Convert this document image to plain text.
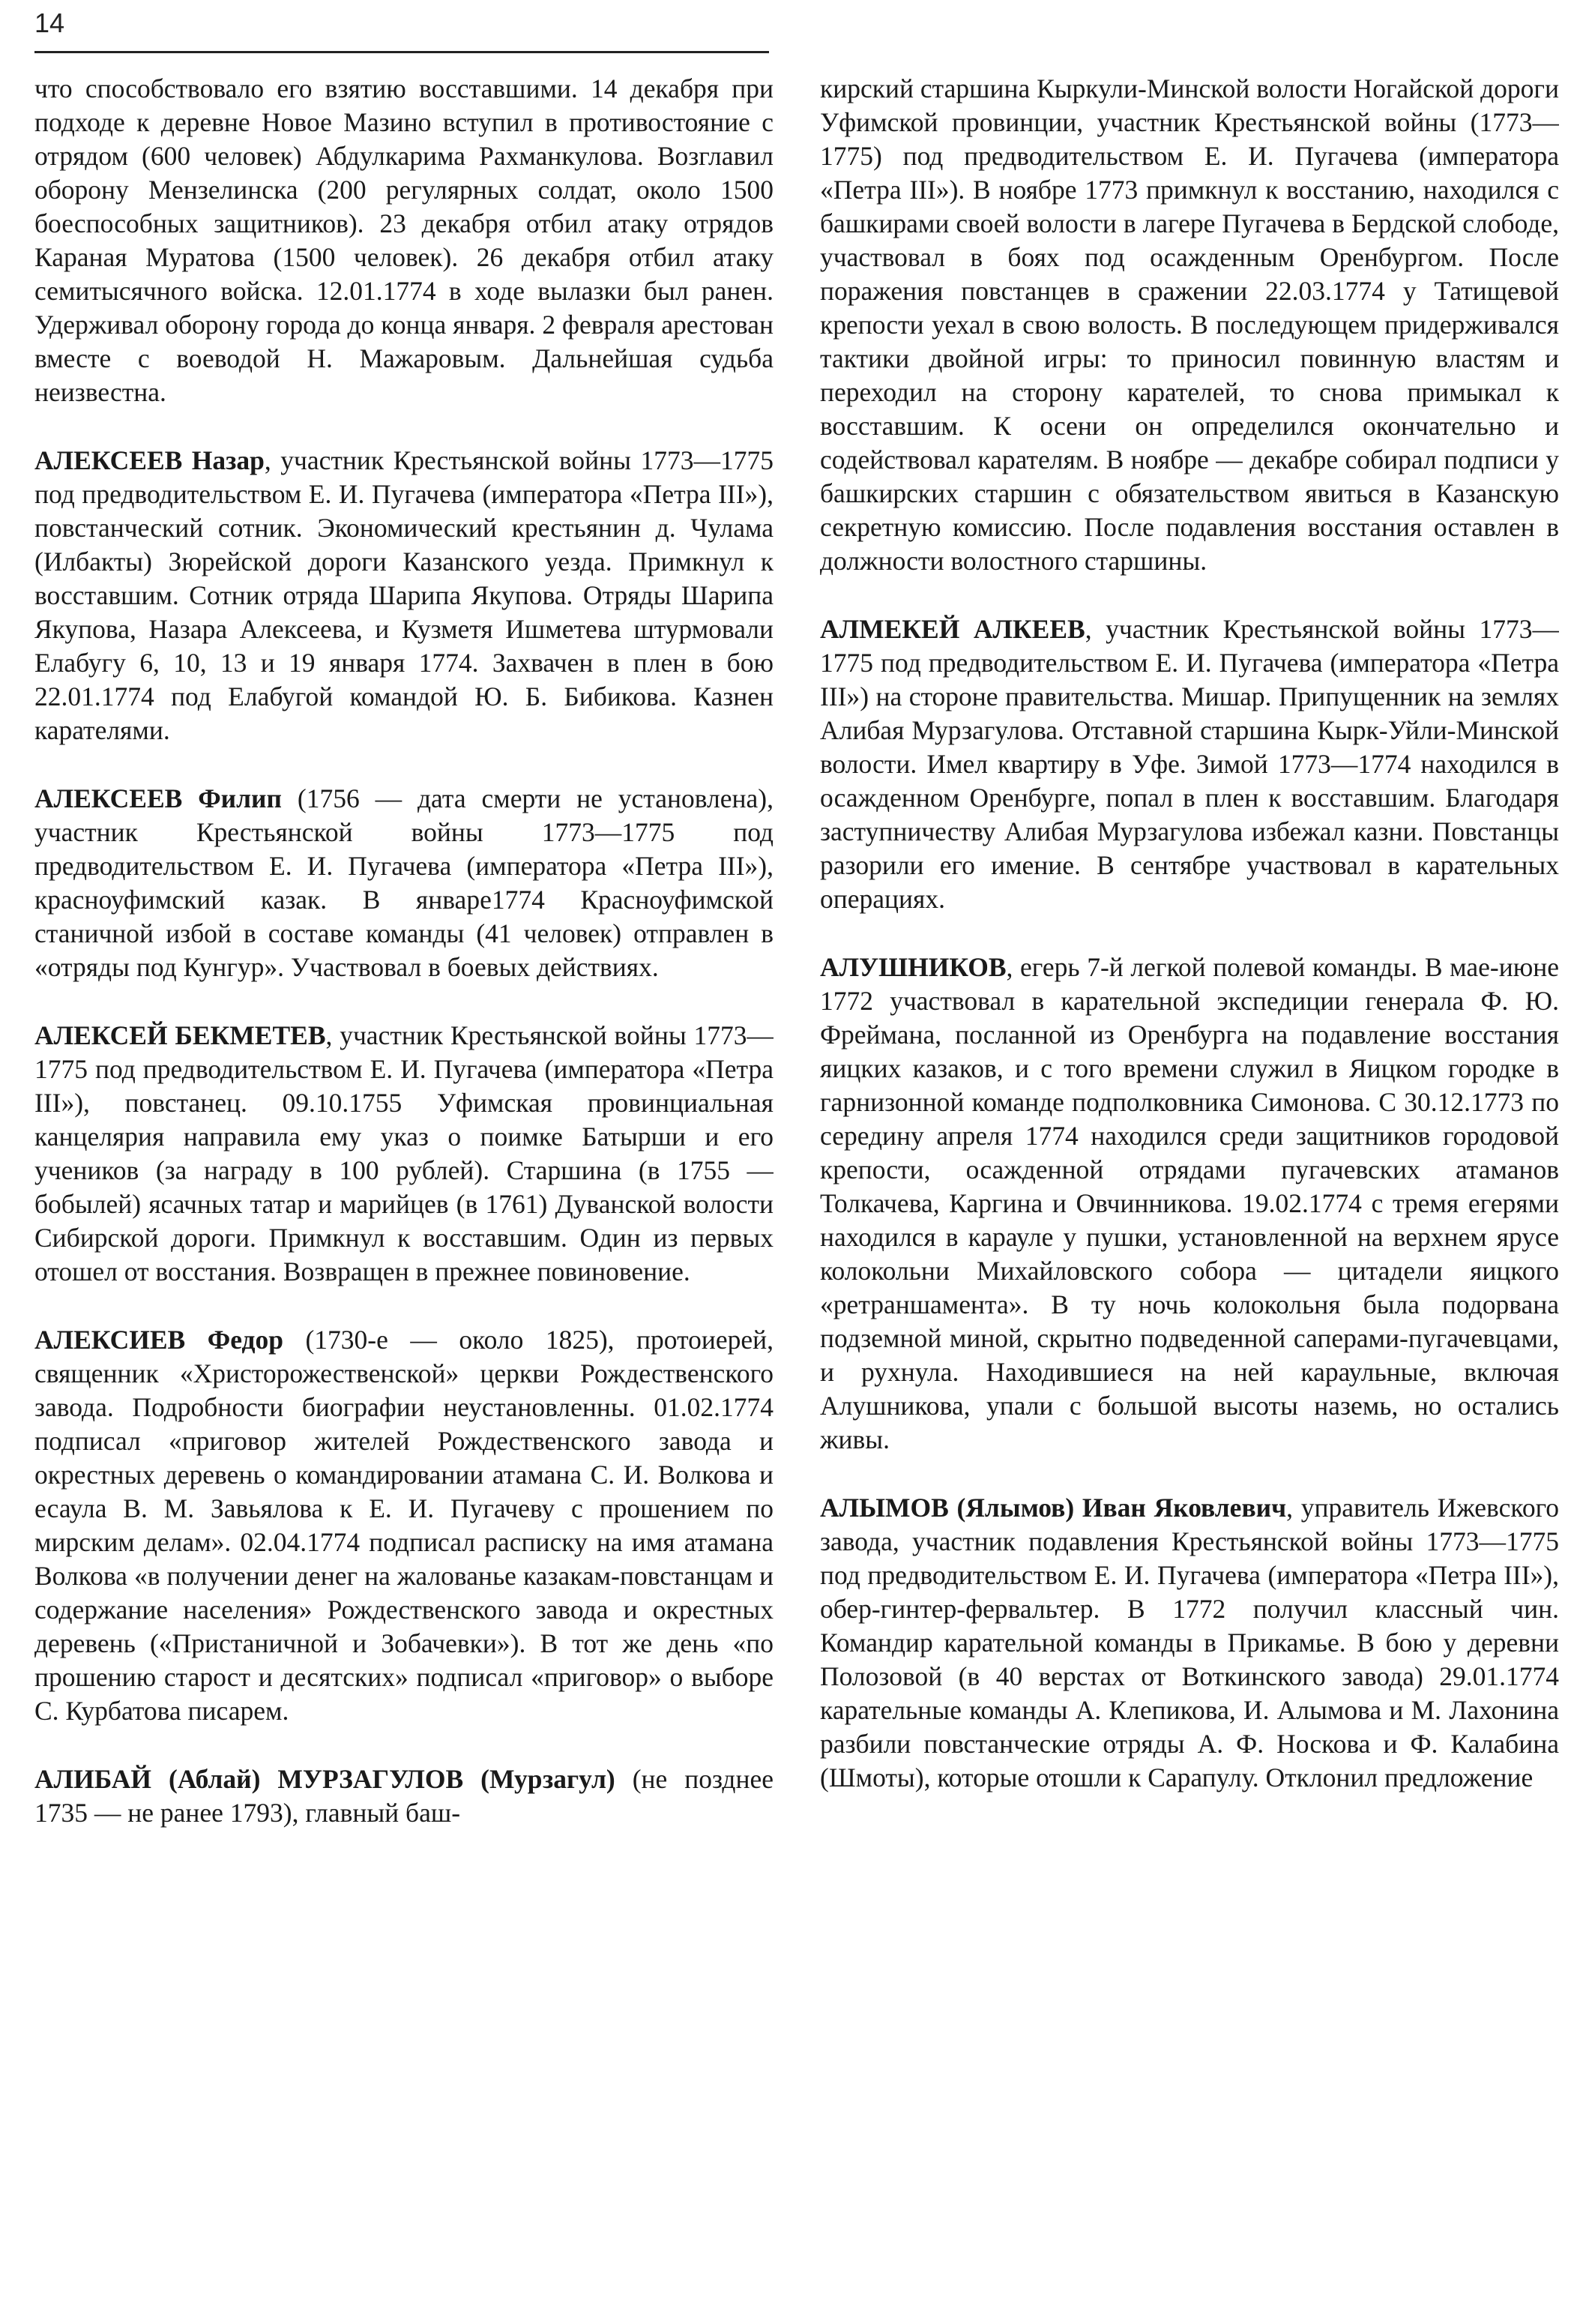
14

что способствовало его взятию восставшими. 14 декабря при подходе к деревне Новое Мазино вступил в противостояние с отрядом (600 человек) Абдулкарима Рахманкулова. Возглавил оборону Мензелинска (200 регулярных солдат, около 1500 боеспособных защитников). 23 декабря отбил атаку отрядов Караная Муратова (1500 человек). 26 декабря отбил атаку семитысячного войска. 12.01.1774 в ходе вылазки был ранен. Удерживал оборону города до конца января. 2 февраля арестован вместе с воеводой Н. Мажаровым. Дальнейшая судьба неизвестна.

АЛЕКСЕЕВ Назар, участник Крестьянской войны 1773—1775 под предводительством Е. И. Пугачева (императора «Петра III»), повстанческий сотник. Экономический крестьянин д. Чулама (Илбакты) Зюрейской дороги Казанского уезда. Примкнул к восставшим. Сотник отряда Шарипа Якупова. Отряды Шарипа Якупова, Назара Алексеева, и Кузметя Ишметева штурмовали Елабугу 6, 10, 13 и 19 января 1774. Захвачен в плен в бою 22.01.1774 под Елабугой командой Ю. Б. Бибикова. Казнен карателями.

АЛЕКСЕЕВ Филип (1756 — дата смерти не установлена), участник Крестьянской войны 1773—1775 под предводительством Е. И. Пугачева (императора «Петра III»), красноуфимский казак. В январе1774 Красноуфимской станичной избой в составе команды (41 человек) отправлен в «отряды под Кунгур». Участвовал в боевых действиях.

АЛЕКСЕЙ БЕКМЕТЕВ, участник Крестьянской войны 1773—1775 под предводительством Е. И. Пугачева (императора «Петра III»), повстанец. 09.10.1755 Уфимская провинциальная канцелярия направила ему указ о поимке Батырши и его учеников (за награду в 100 рублей). Старшина (в 1755 — бобылей) ясачных татар и марийцев (в 1761) Дуванской волости Сибирской дороги. Примкнул к восставшим. Один из первых отошел от восстания. Возвращен в прежнее повиновение.

АЛЕКСИЕВ Федор (1730-е — около 1825), протоиерей, священник «Христорожественской» церкви Рождественского завода. Подробности биографии неустановленны. 01.02.1774 подписал «приговор жителей Рождественского завода и окрестных деревень о командировании атамана С. И. Волкова и есаула В. М. Завьялова к Е. И. Пугачеву с прошением по мирским делам». 02.04.1774 подписал расписку на имя атамана Волкова «в получении денег на жалованье казакам-повстанцам и содержание населения» Рождественского завода и окрестных деревень («Пристаничной и Зобачевки»). В тот же день «по прошению старост и десятских» подписал «приговор» о выборе С. Курбатова писарем.

АЛИБАЙ (Аблай) МУРЗАГУЛОВ (Мурзагул) (не позднее 1735 — не ранее 1793), главный баш-

кирский старшина Кыркули-Минской волости Ногайской дороги Уфимской провинции, участник Крестьянской войны (1773—1775) под предводительством Е. И. Пугачева (императора «Петра III»). В ноябре 1773 примкнул к восстанию, находился с башкирами своей волости в лагере Пугачева в Бердской слободе, участвовал в боях под осажденным Оренбургом. После поражения повстанцев в сражении 22.03.1774 у Татищевой крепости уехал в свою волость. В последующем придерживался тактики двойной игры: то приносил повинную властям и переходил на сторону карателей, то снова примыкал к восставшим. К осени он определился окончательно и содействовал карателям. В ноябре — декабре собирал подписи у башкирских старшин с обязательством явиться в Казанскую секретную комиссию. После подавления восстания оставлен в должности волостного старшины.

АЛМЕКЕЙ АЛКЕЕВ, участник Крестьянской войны 1773—1775 под предводительством Е. И. Пугачева (императора «Петра III») на стороне правительства. Мишар. Припущенник на землях Алибая Мурзагулова. Отставной старшина Кырк-Уйли-Минской волости. Имел квартиру в Уфе. Зимой 1773—1774 находился в осажденном Оренбурге, попал в плен к восставшим. Благодаря заступничеству Алибая Мурзагулова избежал казни. Повстанцы разорили его имение. В сентябре участвовал в карательных операциях.

АЛУШНИКОВ, егерь 7-й легкой полевой команды. В мае-июне 1772 участвовал в карательной экспедиции генерала Ф. Ю. Фреймана, посланной из Оренбурга на подавление восстания яицких казаков, и с того времени служил в Яицком городке в гарнизонной команде подполковника Симонова. С 30.12.1773 по середину апреля 1774 находился среди защитников городовой крепости, осажденной отрядами пугачевских атаманов Толкачева, Каргина и Овчинникова. 19.02.1774 с тремя егерями находился в карауле у пушки, установленной на верхнем ярусе колокольни Михайловского собора — цитадели яицкого «ретраншамента». В ту ночь колокольня была подорвана подземной миной, скрытно подведенной саперами-пугачевцами, и рухнула. Находившиеся на ней караульные, включая Алушникова, упали с большой высоты наземь, но остались живы.

АЛЫМОВ (Ялымов) Иван Яковлевич, управитель Ижевского завода, участник подавления Крестьянской войны 1773—1775 под предводительством Е. И. Пугачева (императора «Петра III»), обер-гинтер-фервальтер. В 1772 получил классный чин. Командир карательной команды в Прикамье. В бою у деревни Полозовой (в 40 верстах от Воткинского завода) 29.01.1774 карательные команды А. Клепикова, И. Алымова и М. Лахонина разбили повстанческие отряды А. Ф. Носкова и Ф. Калабина (Шмоты), которые отошли к Сарапулу. Отклонил предложение
